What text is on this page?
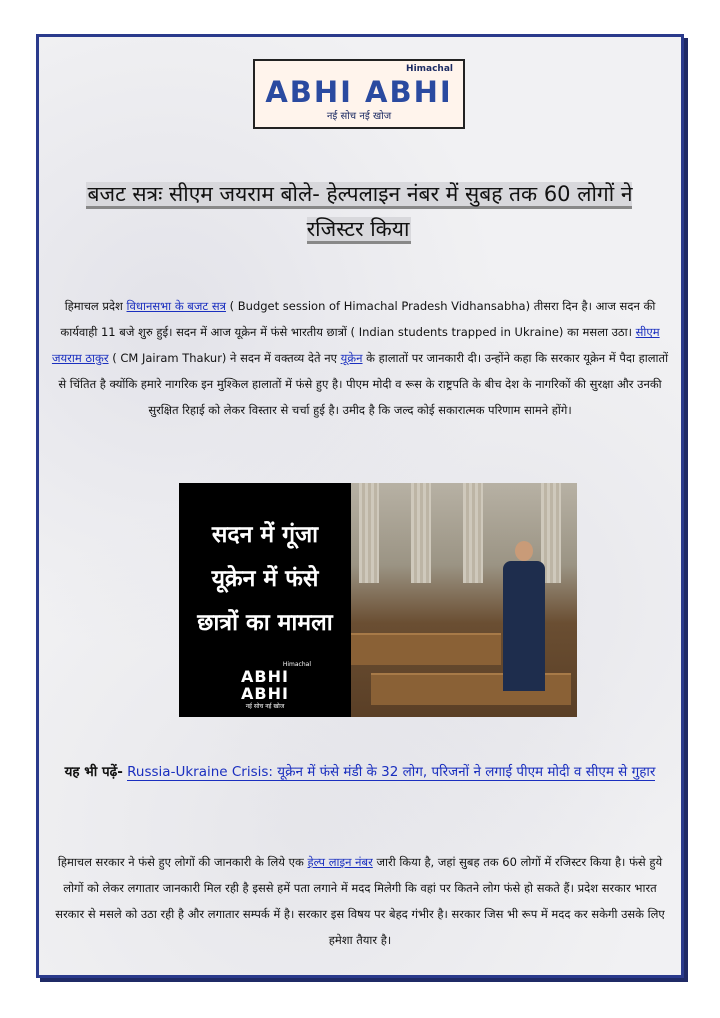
Himachal
ABHI ABHI
नई सोच नई खोज
बजट सत्रः सीएम जयराम बोले- हेल्पलाइन नंबर में सुबह तक 60 लोगों ने रजिस्टर किया
हिमाचल प्रदेश विधानसभा के बजट सत्र ( Budget session of Himachal Pradesh Vidhansabha) तीसरा दिन है। आज सदन की कार्यवाही 11 बजे शुरु हुई। सदन में आज यूक्रेन में फंसे भारतीय छात्रों ( Indian students trapped in Ukraine) का मसला उठा। सीएम जयराम ठाकुर ( CM Jairam Thakur) ने सदन में वक्तव्य देते नए यूक्रेन के हालातों पर जानकारी दी। उन्होंने कहा कि सरकार यूक्रेन में पैदा हालातों से चिंतित है क्योंकि हमारे नागरिक इन मुश्किल हालातों में फंसे हुए है। पीएम मोदी व रूस के राष्ट्रपति के बीच देश के नागरिकों की सुरक्षा और उनकी सुरक्षित रिहाई को लेकर विस्तार से चर्चा हुई है। उमीद है कि जल्द कोई सकारात्मक परिणाम सामने होंगे।
सदन में गूंजा
यूक्रेन में फंसे
छात्रों का मामला
Himachal
ABHI ABHI
नई सोच नई खोज
यह भी पढ़ें- Russia-Ukraine Crisis: यूक्रेन में फंसे मंडी के 32 लोग, परिजनों ने लगाई पीएम मोदी व सीएम से गुहार
हिमाचल सरकार ने फंसे हुए लोगों की जानकारी के लिये एक हेल्प लाइन नंबर जारी किया है, जहां सुबह तक 60 लोगों में रजिस्टर किया है। फंसे हुये लोगों को लेकर लगातार जानकारी मिल रही है इससे हमें पता लगाने में मदद मिलेगी कि वहां पर कितने लोग फंसे हो सकते हैं। प्रदेश सरकार भारत सरकार से मसले को उठा रही है और लगातार सम्पर्क में है। सरकार इस विषय पर बेहद गंभीर है। सरकार जिस भी रूप में मदद कर सकेगी उसके लिए हमेशा तैयार है।
